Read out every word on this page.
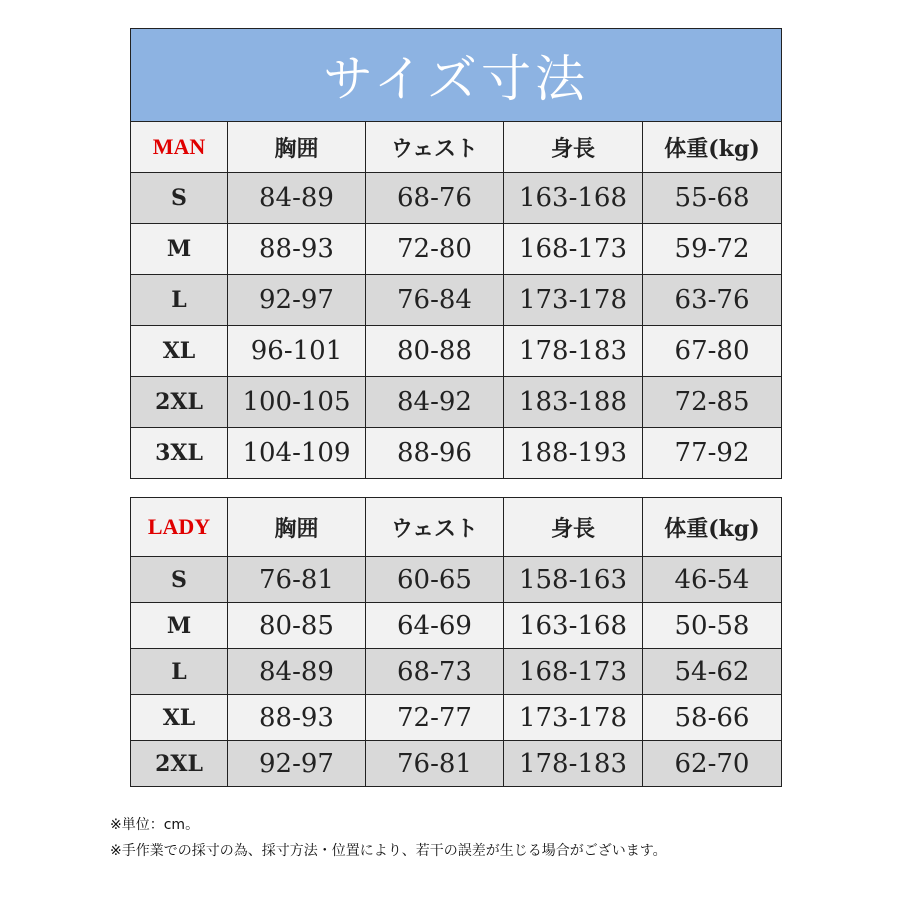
サイズ寸法				
MAN	胸囲	ウェスト	身長	体重(kg)
S	84-89	68-76	163-168	55-68
M	88-93	72-80	168-173	59-72
L	92-97	76-84	173-178	63-76
XL	96-101	80-88	178-183	67-80
2XL	100-105	84-92	183-188	72-85
3XL	104-109	88-96	188-193	77-92
LADY	胸囲	ウェスト	身長	体重(kg)
S	76-81	60-65	158-163	46-54
M	80-85	64-69	163-168	50-58
L	84-89	68-73	168-173	54-62
XL	88-93	72-77	173-178	58-66
2XL	92-97	76-81	178-183	62-70
※単位：cm。
※手作業での採寸の為、採寸方法・位置により、若干の誤差が生じる場合がございます。
